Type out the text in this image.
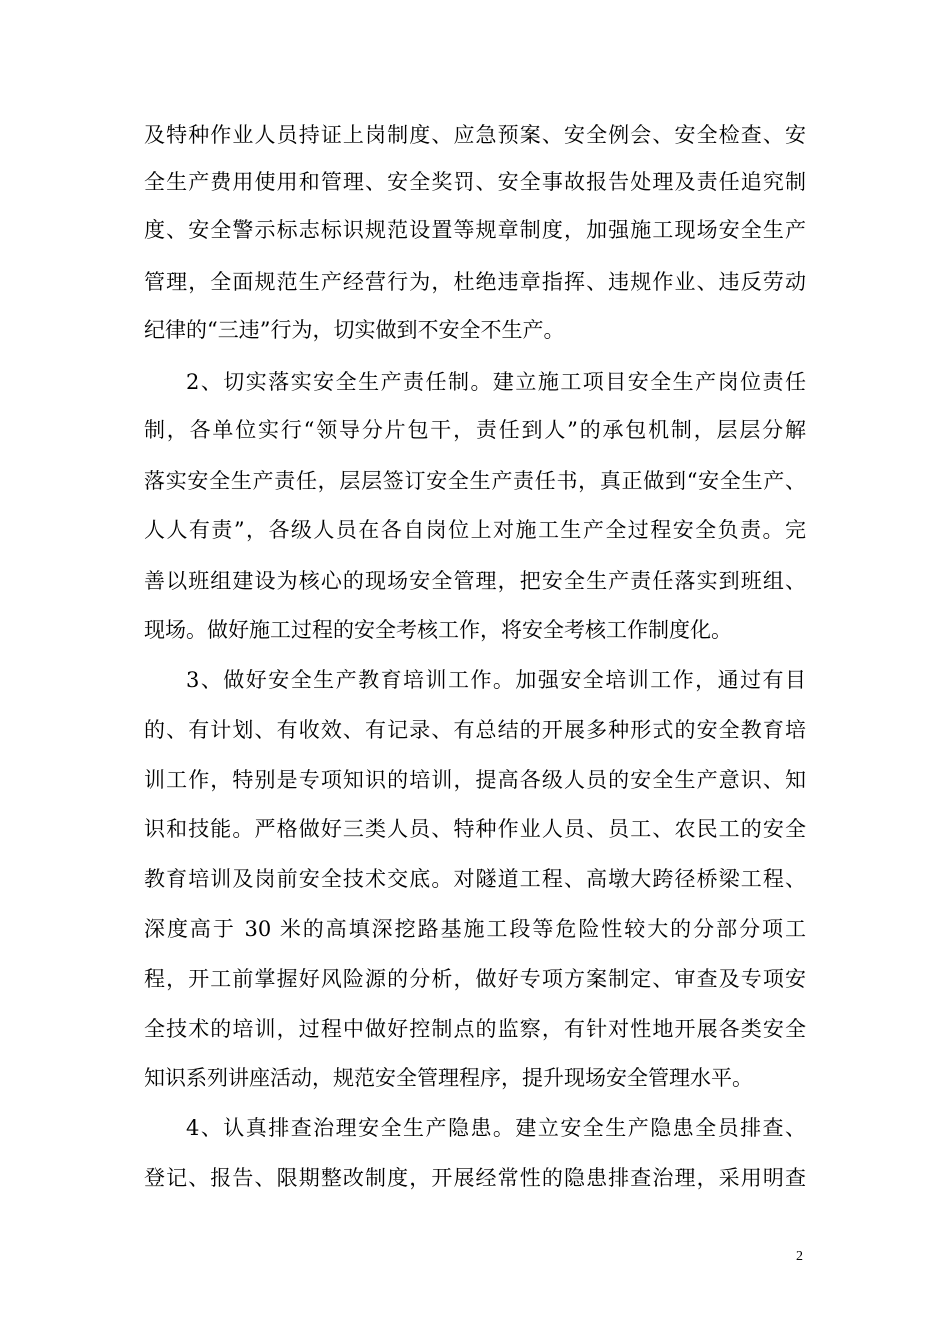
及特种作业人员持证上岗制度、应急预案、安全例会、安全检查、安
全生产费用使用和管理、安全奖罚、安全事故报告处理及责任追究制
度、安全警示标志标识规范设置等规章制度，加强施工现场安全生产
管理，全面规范生产经营行为，杜绝违章指挥、违规作业、违反劳动
纪律的“三违”行为，切实做到不安全不生产。
2、切实落实安全生产责任制。建立施工项目安全生产岗位责任
制，各单位实行“领导分片包干，责任到人”的承包机制，层层分解
落实安全生产责任，层层签订安全生产责任书，真正做到“安全生产、
人人有责”，各级人员在各自岗位上对施工生产全过程安全负责。完
善以班组建设为核心的现场安全管理，把安全生产责任落实到班组、
现场。做好施工过程的安全考核工作，将安全考核工作制度化。
3、做好安全生产教育培训工作。加强安全培训工作，通过有目
的、有计划、有收效、有记录、有总结的开展多种形式的安全教育培
训工作，特别是专项知识的培训，提高各级人员的安全生产意识、知
识和技能。严格做好三类人员、特种作业人员、员工、农民工的安全
教育培训及岗前安全技术交底。对隧道工程、高墩大跨径桥梁工程、
深度高于 30 米的高填深挖路基施工段等危险性较大的分部分项工
程，开工前掌握好风险源的分析，做好专项方案制定、审查及专项安
全技术的培训，过程中做好控制点的监察，有针对性地开展各类安全
知识系列讲座活动，规范安全管理程序，提升现场安全管理水平。
4、认真排查治理安全生产隐患。建立安全生产隐患全员排查、
登记、报告、限期整改制度，开展经常性的隐患排查治理，采用明查
2
